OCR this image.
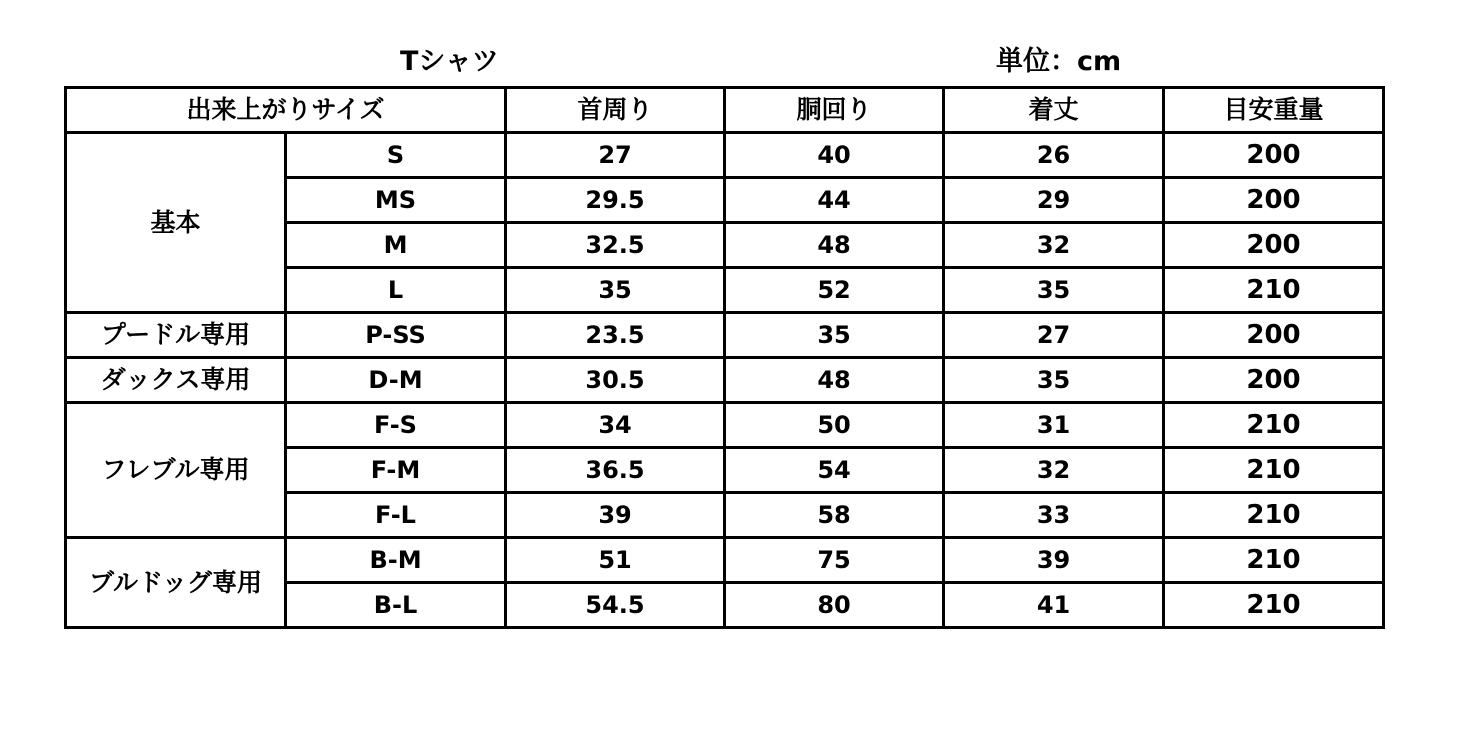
Tシャツ	単位：cm
出来上がりサイズ		首周り	胴回り	着丈	目安重量
基本	S	27	40	26	200
	MS	29.5	44	29	200
	M	32.5	48	32	200
	L	35	52	35	210
プードル専用	P-SS	23.5	35	27	200
ダックス専用	D-M	30.5	48	35	200
フレブル専用	F-S	34	50	31	210
	F-M	36.5	54	32	210
	F-L	39	58	33	210
ブルドッグ専用	B-M	51	75	39	210
	B-L	54.5	80	41	210
